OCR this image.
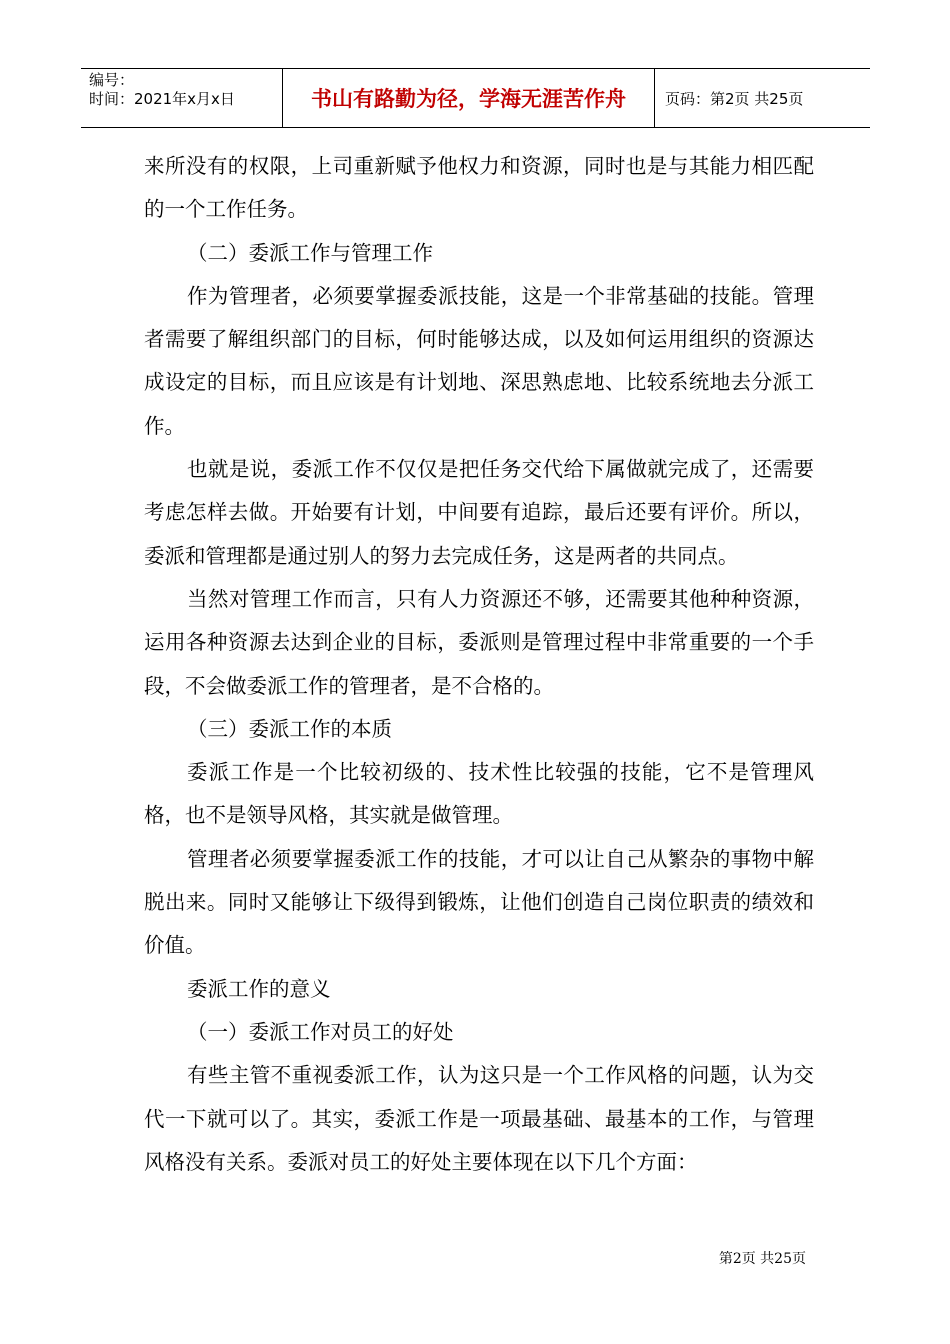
编号：
时间：2021年x月x日	书山有路勤为径，学海无涯苦作舟	页码：第2页 共25页

来所没有的权限，上司重新赋予他权力和资源，同时也是与其能力相匹配的一个工作任务。

（二）委派工作与管理工作

作为管理者，必须要掌握委派技能，这是一个非常基础的技能。管理者需要了解组织部门的目标，何时能够达成，以及如何运用组织的资源达成设定的目标，而且应该是有计划地、深思熟虑地、比较系统地去分派工作。

也就是说，委派工作不仅仅是把任务交代给下属做就完成了，还需要考虑怎样去做。开始要有计划，中间要有追踪，最后还要有评价。所以，委派和管理都是通过别人的努力去完成任务，这是两者的共同点。

当然对管理工作而言，只有人力资源还不够，还需要其他种种资源，运用各种资源去达到企业的目标，委派则是管理过程中非常重要的一个手段，不会做委派工作的管理者，是不合格的。

（三）委派工作的本质

委派工作是一个比较初级的、技术性比较强的技能，它不是管理风格，也不是领导风格，其实就是做管理。

管理者必须要掌握委派工作的技能，才可以让自己从繁杂的事物中解脱出来。同时又能够让下级得到锻炼，让他们创造自己岗位职责的绩效和价值。

委派工作的意义

（一）委派工作对员工的好处

有些主管不重视委派工作，认为这只是一个工作风格的问题，认为交代一下就可以了。其实，委派工作是一项最基础、最基本的工作，与管理风格没有关系。委派对员工的好处主要体现在以下几个方面：

第2页 共25页
